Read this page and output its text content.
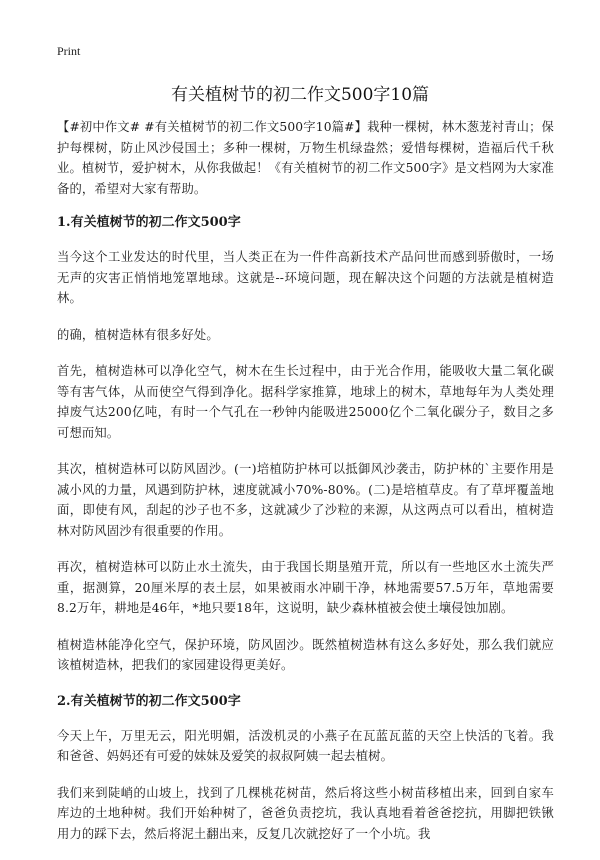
Print
有关植树节的初二作文500字10篇

【#初中作文# #有关植树节的初二作文500字10篇#】栽种一棵树，林木葱茏衬青山；保护每棵树，防止风沙侵国土；多种一棵树，万物生机绿盎然；爱惜每棵树，造福后代千秋业。植树节，爱护树木，从你我做起！《有关植树节的初二作文500字》是文档网为大家准备的，希望对大家有帮助。

1.有关植树节的初二作文500字

当今这个工业发达的时代里，当人类正在为一件件高新技术产品问世而感到骄傲时，一场无声的灾害正悄悄地笼罩地球。这就是--环境问题，现在解决这个问题的方法就是植树造林。

的确，植树造林有很多好处。

首先，植树造林可以净化空气，树木在生长过程中，由于光合作用，能吸收大量二氧化碳等有害气体，从而使空气得到净化。据科学家推算，地球上的树木，草地每年为人类处理掉废气达200亿吨，有时一个气孔在一秒钟内能吸进25000亿个二氧化碳分子，数目之多可想而知。

其次，植树造林可以防风固沙。(一)培植防护林可以抵御风沙袭击，防护林的`主要作用是减小风的力量，风遇到防护林，速度就减小70%-80%。(二)是培植草皮。有了草坪覆盖地面，即使有风，刮起的沙子也不多，这就减少了沙粒的来源，从这两点可以看出，植树造林对防风固沙有很重要的作用。

再次，植树造林可以防止水土流失，由于我国长期垦殖开荒，所以有一些地区水土流失严重，据测算，20厘米厚的表土层，如果被雨水冲刷干净，林地需要57.5万年，草地需要8.2万年，耕地是46年，*地只要18年，这说明，缺少森林植被会使土壤侵蚀加剧。

植树造林能净化空气，保护环境，防风固沙。既然植树造林有这么多好处，那么我们就应该植树造林，把我们的家园建设得更美好。

2.有关植树节的初二作文500字

今天上午，万里无云，阳光明媚，活泼机灵的小燕子在瓦蓝瓦蓝的天空上快活的飞着。我和爸爸、妈妈还有可爱的妹妹及爱笑的叔叔阿姨一起去植树。

我们来到陡峭的山坡上，找到了几棵桃花树苗，然后将这些小树苗移植出来，回到自家车库边的土地种树。我们开始种树了，爸爸负责挖坑，我认真地看着爸爸挖抗，用脚把铁锹用力的踩下去，然后将泥土翻出来，反复几次就挖好了一个小坑。我
